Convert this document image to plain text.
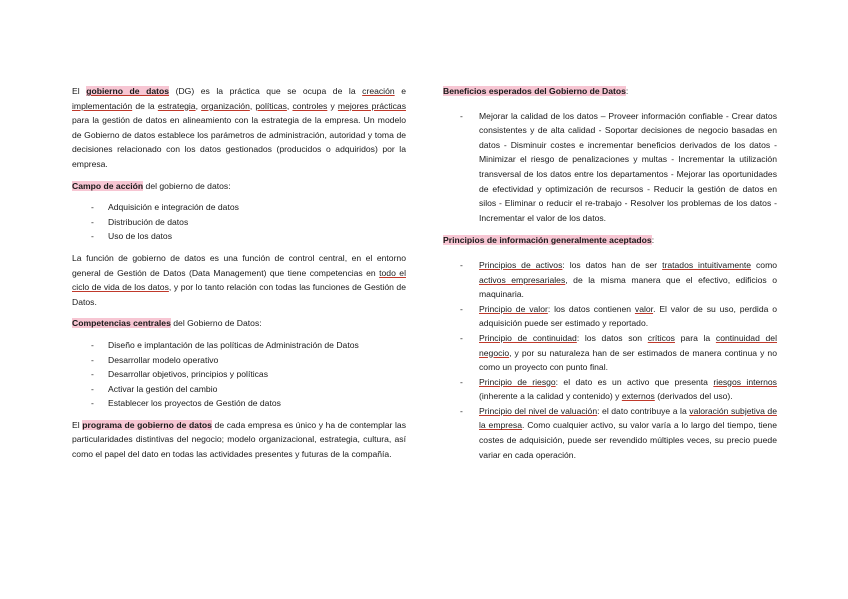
El gobierno de datos (DG) es la práctica que se ocupa de la creación e implementación de la estrategia, organización, políticas, controles y mejores prácticas para la gestión de datos en alineamiento con la estrategia de la empresa. Un modelo de Gobierno de datos establece los parámetros de administración, autoridad y toma de decisiones relacionado con los datos gestionados (producidos o adquiridos) por la empresa.

Campo de acción del gobierno de datos:

- Adquisición e integración de datos
- Distribución de datos
- Uso de los datos

La función de gobierno de datos es una función de control central, en el entorno general de Gestión de Datos (Data Management) que tiene competencias en todo el ciclo de vida de los datos, y por lo tanto relación con todas las funciones de Gestión de Datos.

Competencias centrales del Gobierno de Datos:

- Diseño e implantación de las políticas de Administración de Datos
- Desarrollar modelo operativo
- Desarrollar objetivos, principios y políticas
- Activar la gestión del cambio
- Establecer los proyectos de Gestión de datos

El programa de gobierno de datos de cada empresa es único y ha de contemplar las particularidades distintivas del negocio; modelo organizacional, estrategia, cultura, así como el papel del dato en todas las actividades presentes y futuras de la compañía.

Beneficios esperados del Gobierno de Datos:

- Mejorar la calidad de los datos – Proveer información confiable - Crear datos consistentes y de alta calidad - Soportar decisiones de negocio basadas en datos - Disminuir costes e incrementar beneficios derivados de los datos - Minimizar el riesgo de penalizaciones y multas - Incrementar la utilización transversal de los datos entre los departamentos - Mejorar las oportunidades de efectividad y optimización de recursos - Reducir la gestión de datos en silos - Eliminar o reducir el re-trabajo - Resolver los problemas de los datos - Incrementar el valor de los datos.

Principios de información generalmente aceptados:

- Principios de activos: los datos han de ser tratados intuitivamente como activos empresariales, de la misma manera que el efectivo, edificios o maquinaria.
- Principio de valor: los datos contienen valor. El valor de su uso, perdida o adquisición puede ser estimado y reportado.
- Principio de continuidad: los datos son críticos para la continuidad del negocio, y por su naturaleza han de ser estimados de manera continua y no como un proyecto con punto final.
- Principio de riesgo: el dato es un activo que presenta riesgos internos (inherente a la calidad y contenido) y externos (derivados del uso).
- Principio del nivel de valuación: el dato contribuye a la valoración subjetiva de la empresa. Como cualquier activo, su valor varía a lo largo del tiempo, tiene costes de adquisición, puede ser revendido múltiples veces, su precio puede variar en cada operación.
